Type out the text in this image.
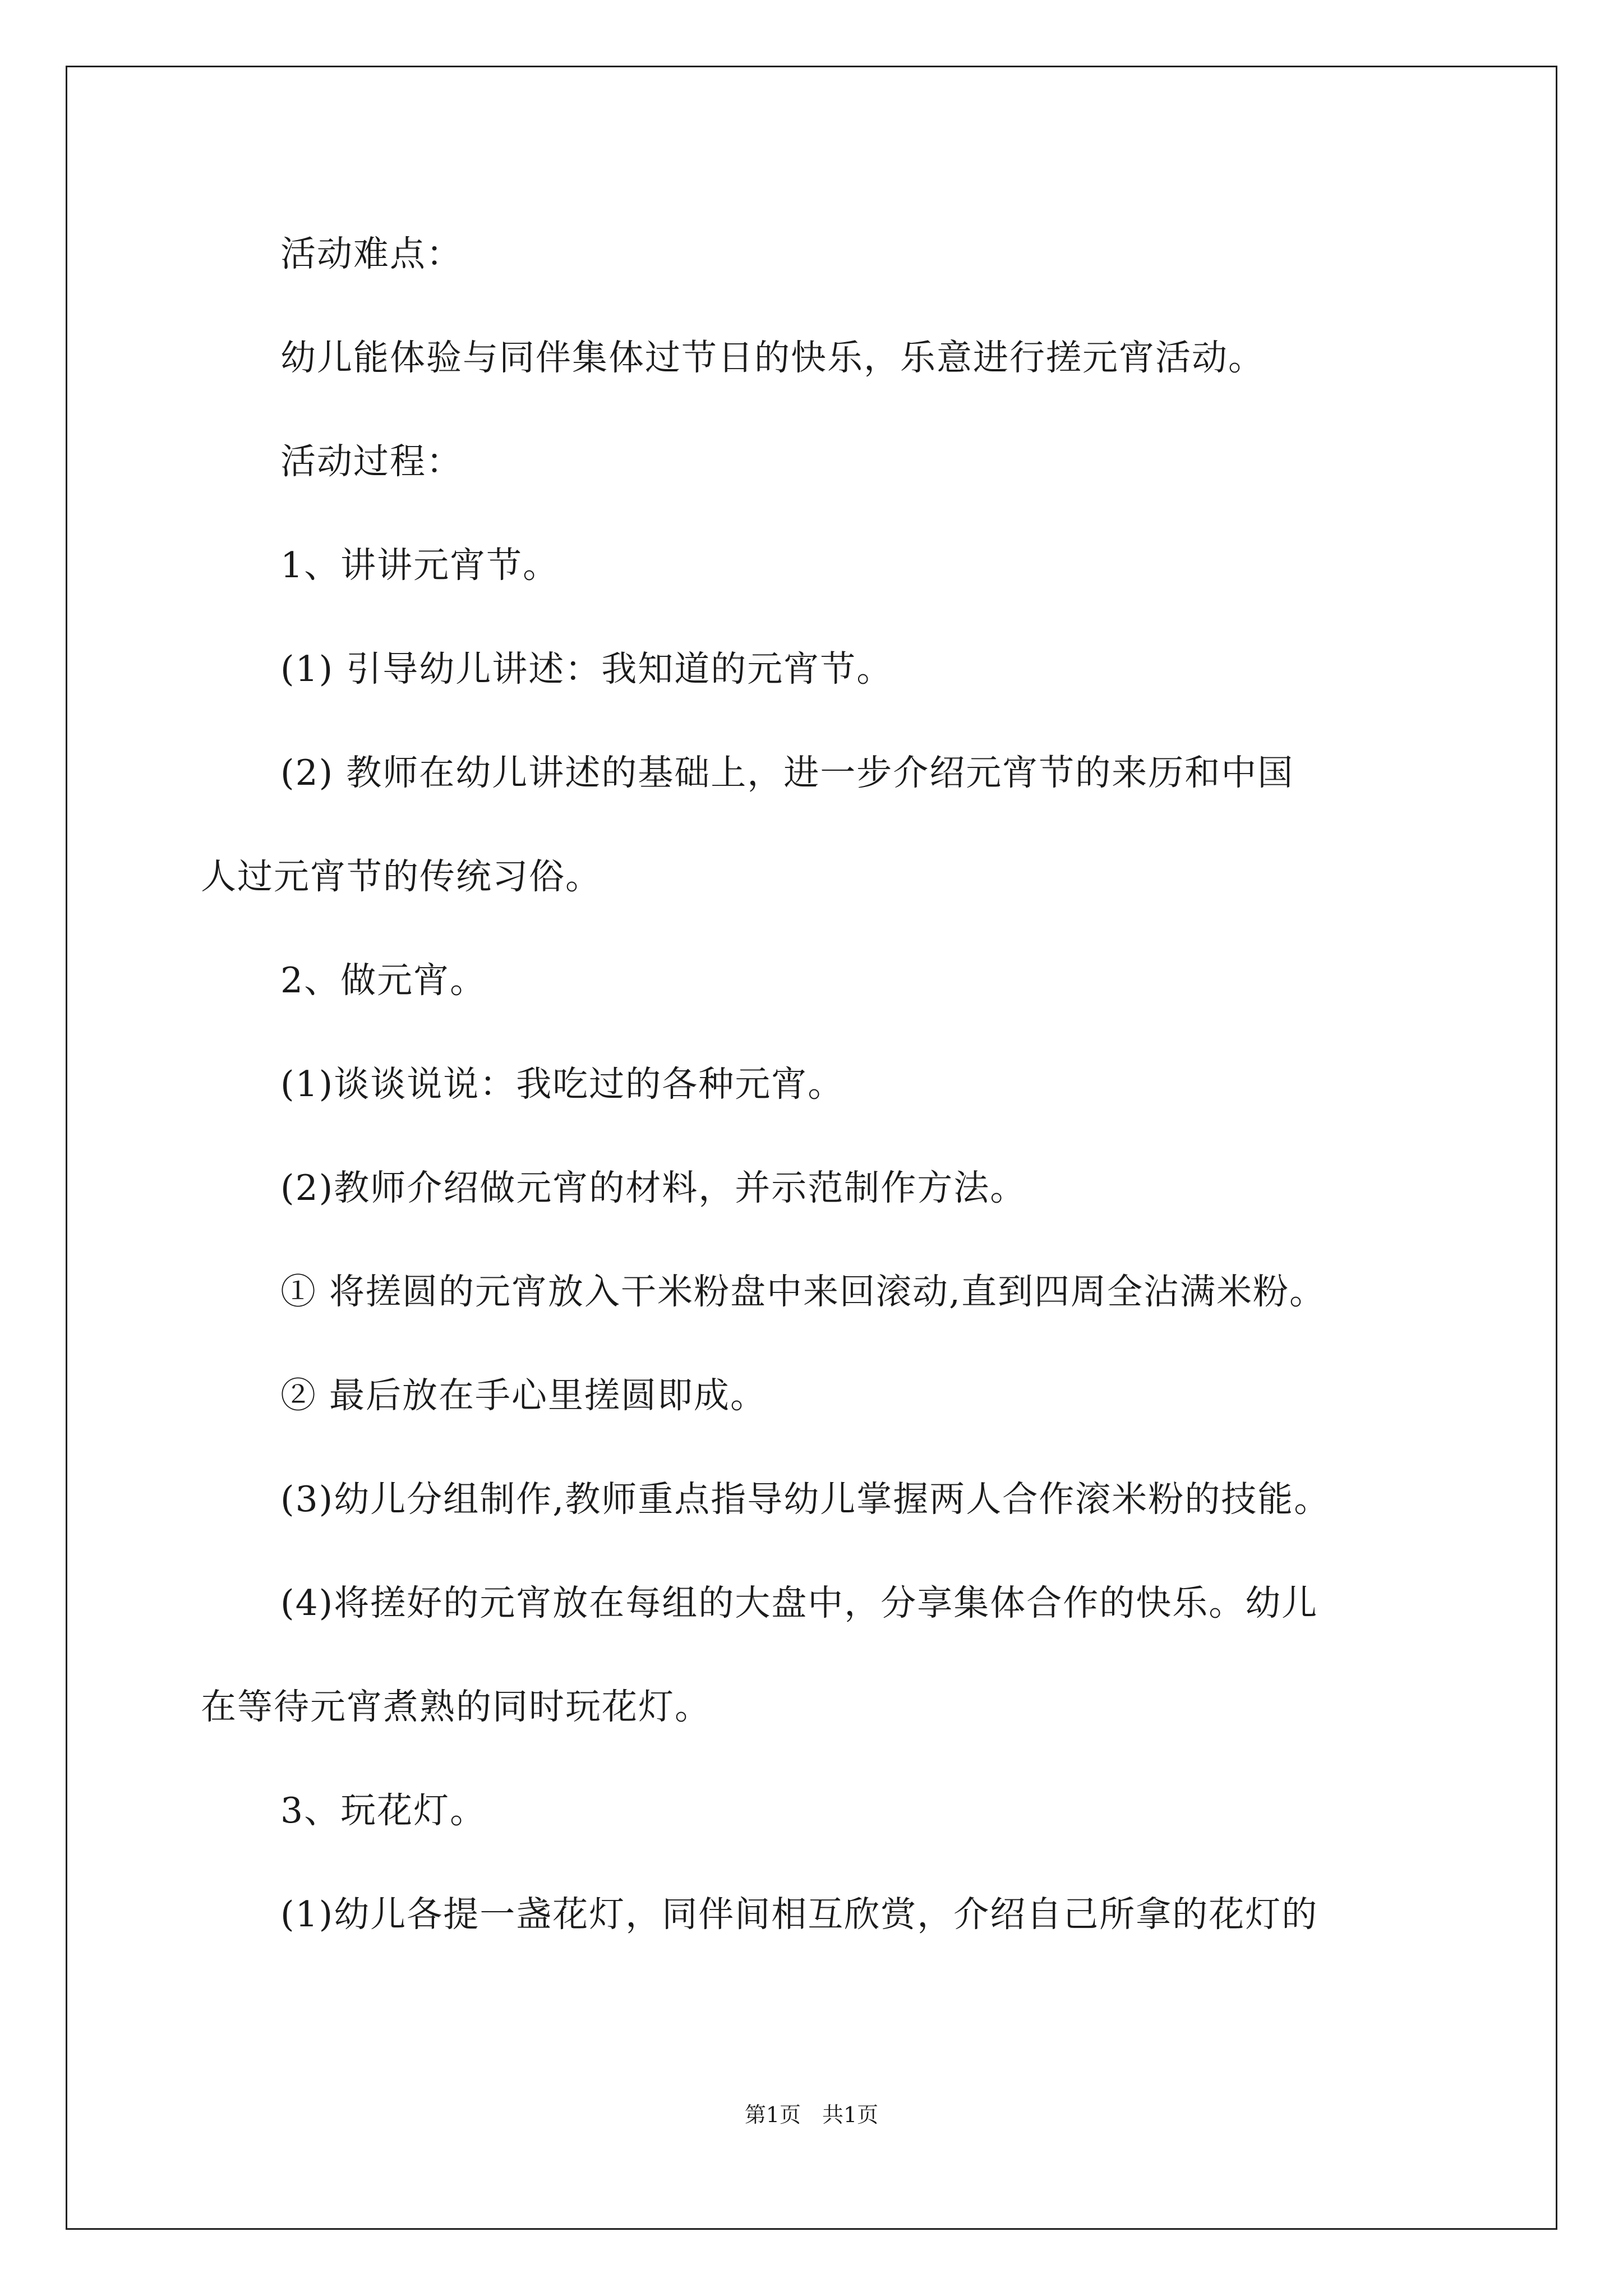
活动难点：
幼儿能体验与同伴集体过节日的快乐，乐意进行搓元宵活动。
活动过程：
1、讲讲元宵节。
(1) 引导幼儿讲述：我知道的元宵节。
(2) 教师在幼儿讲述的基础上，进一步介绍元宵节的来历和中国
人过元宵节的传统习俗。
2、做元宵。
(1)谈谈说说：我吃过的各种元宵。
(2)教师介绍做元宵的材料，并示范制作方法。
① 将搓圆的元宵放入干米粉盘中来回滚动,直到四周全沾满米粉。
② 最后放在手心里搓圆即成。
(3)幼儿分组制作,教师重点指导幼儿掌握两人合作滚米粉的技能。
(4)将搓好的元宵放在每组的大盘中，分享集体合作的快乐。幼儿
在等待元宵煮熟的同时玩花灯。
3、玩花灯。
(1)幼儿各提一盏花灯，同伴间相互欣赏，介绍自己所拿的花灯的
第1页　共1页
